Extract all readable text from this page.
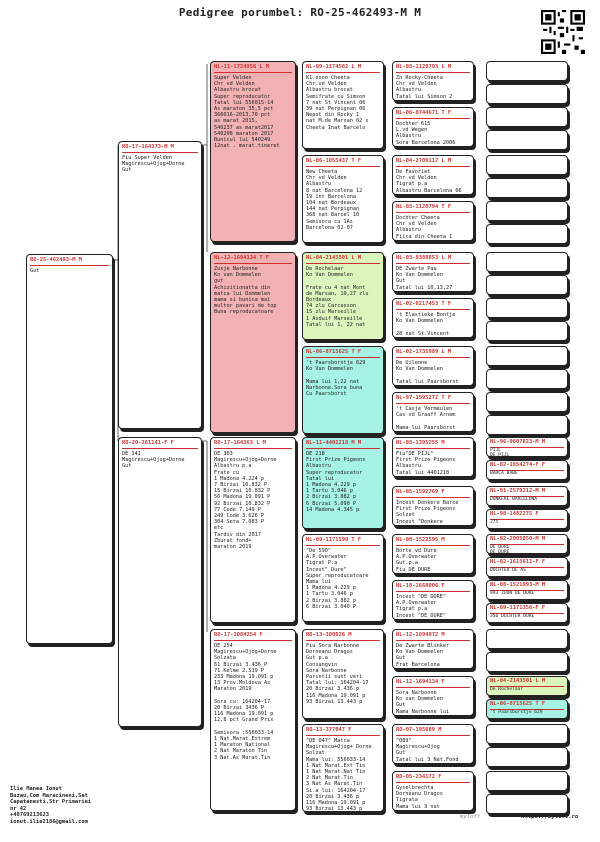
Pedigree porumbel: RO-25-462493-M M
RO-25-462493-M M
Gut
RO-17-164373-M M
Fiu Super Velden
Magirescu+Ojog+Dorne
Gut
RO-20-261141-F F
DE 141
Magirescu+Ojog+Dorne
Gut
NL-11-1724956 L M
Super Velden
Chr vd Velden
Albastru brocat
Super reproducator
Tatal lui 556015-14
As maraton 35,5 pct
366016-2013,70 pct
as marat 2015,
540237 as marat2017
540208 maraton 2017
Bunicul lui 540249
12nat . marat.tineret
NL-12-1694134 T F
Zusje Narbonne
Ko van Dommelen
gut
Achizitionatta din
matca lui Dommelen
mama si bunica mai
multor pasari de top
Buna reproducatoare
RO-17-164363 L M
DE 363
Magirescu+Ojog+Dorne
Albastru p.a
Frate cu
1 Madona 4.224 p
7 Birzai 10.832 P
15 Birzai 10.832 P
56 Madona 19.091 P
92 Birzai 10.832 P
77 Code 7.149 P
249 Code 3.626 P
304 Seta 7.083 P
etc
Tardiv din 2017
Zburat fond+
maraton 2019
RO-17-3084254 F
DE 254
Magirescu+Ojog+Dorne
Solzata
61 Birzai 3.436 P
71 Kelme 2.539 P
233 Madona 19.091 p
13 Prov.Moldova As
Maraton 2019

Sora cu: 164204-17
20 Birzai 3436 P
116 Madona 19.091 p
12,8 pct Grand Prix

Semisora :556033-14
1 Nat.Marat.Extrem
1 Maraton National
2 Nat Maraton Tin
3 Nat.As Marat.Tin
NL-09-1174562 L M
K1.zoon Cheeta
Chr.vd Velden
Albastru brocat
Semifrate cu Simson
7 nat St Vincent 06
39 nat Perpignan 06
Nepot din Rocky 1
nat M.de Marsan 02 x
Cheeta Inat Barcelo
NL-06-1055437 T F
New Cheeta
Chr vd Velden
Albastru
8 nat Barcelona 12
19 int Barcelona
104 nat Bordeaux
144 nat Perpignan
368 nat Barcel 10
Semisora cu 1As
Barcelona 02-07
NL-04-2143501 L M
De Rochelaar
Ko Van Dommelen

Frate cu 4 nat Mont
de Marsan, 10,27 zlu
Bordeaux
74 zlu Carcasson
15 zlu Marseille
1 Asduif Marseille
Tatal lui 1, 22 nat
NL-06-0715625 T F
't Paarsborstje 629
Ko Van Dommelen

Mama lui 1,22 nat
Narbonne.Sora buna
Cu Paarsborst
NL-11-4401218 M M
DE 218
First Prize Pigeons
Albastru
Super reproducator
Tatal lui
1 Madona 4.229 p
1 Tartu 3.046 p
2 Birzai 3.882 p
6 Birzai 5.090 P
14 Madona 4.345 p
NL-09-1171590 T F
"De 590"
A.P.Overwater
Tigrat P.a
Incest" Dure"
Super reproducatoare
Mama lui
1 Madona 4.229 p
1 Tartu 3.046 p
2 Birzai 3.882 p
6 Birzai 3.040 P
RO-13-380026 M
Fiu Sora Narbonne
Dorneanu Dragos
Gut p.a
Consangvin
Sora Narbonne
Parintii sunt veri
Tatal lui: 164204-17
20 Birzai 3.436 p
116 Madona 19.091 p
93 Birzai 13.443 p
RO-13-377047 F
"DE 047" Matca
Magirescu+Ojog+ Dorne
Solzat
Mama lui: 556033-14
1 Nat Marat.Ext Tin
1 Nat Marat.Nat Tin
2 Nat Marat.Tin
3 Nat As Marat.Tin
Si a lui: 164204-17
20 Birzai 3.436 p
116 Madona 19.091 p
93 Birzai 13.443 p
NL-03-1120793 L M
Zn Rocky-Cheeta
Chr vd Velden
Albastru
Tatal lui Simson 2
NL-06-0744671 T F
Dochter 615
L.vd Wegen
Albastru
Sora Barcelona 2006
NL-04-2709117 L M
De Favoriet
Chr vd Velden
Tigrat p.a
Albastru Barcelona 06
NL-03-1120794 T F
Dochter Cheeta
Chr vd Velden
Albastru
Fiica din Cheeta 1
NL-03-0388853 L M
DE Zwarte Pau
Ko Van Dommelen
Gut
Tatal lui 10,13,27
NL-02-0217453 T F
't Elastieke Bontje
Ko Van Dommelen

28 nat St.Vincent
NL-02-1735989 L M
De Uilenne
Ko Van Dommelen

Tatal lui Paarsborst
NL-97-1595272 T F
't Casje Vermeulen
Cas vd Graaff Arnem

Mama lui Paarsborst
NL-03-1395255 M
Fiu"DE PIJL"
First Prize Pigeons
Albastru
Tatal lui 4401218
NL-05-1592769 F
Incest Donkere Barce
First Prize Pigeons
Solzat
Incest "Donkere
NL-08-1522595 M
Borte vd Dure
A.P.Overwater
Gut.p.a
Fiu DE DURE
NL-10-1668006 F
Incest "DE DORE"
A.P.Overwater
Tigrat p.a
Incest "DE DURE"
NL-12-1694072 M
De Zwarte Blinker
Ko Van Dommelen
Gut
Frat Barcelona
NL-12-1694134 F
Sora Narbonne
Ko van Dommelen
Gut
Mama Narbonne lui
RO-07-195089 M
"089"
Magirescu+Ojog
Gut
Tatal lui 3 Nat.Fond
RO-05-234172 F
Gyselbrechta
Dorneanu Dragos
Tigrata
Mama lui 3 nat
NL-96-9607823-M M
PIJL
DE PIJL
NL-02-1854274-F F
BARCA BABE
NL-91-2579212-M M
DONKERE BARCELONA
NL-98-1482275 F
275
NL-92-2905050-M M
DE DURE
DE DURE
NL-02-1615611-F F
DOCHTER DE AS
NL-08-1521993-M M
993 ZOON DE DURE
NL-09-1171356-F F
356 DOCHTER DURE
NL-04-2143501 L M
De Rochelaar
NL-06-0715625 T F
't Paarsborstje 629
Ilie Manea Ionut
Buzau,Com Maracineni,Sat
Capatanesti,Str Primariei
nr 42
+40769213623
ionut.ilie2186@gmail.com
myloft	https://myloft.ro
